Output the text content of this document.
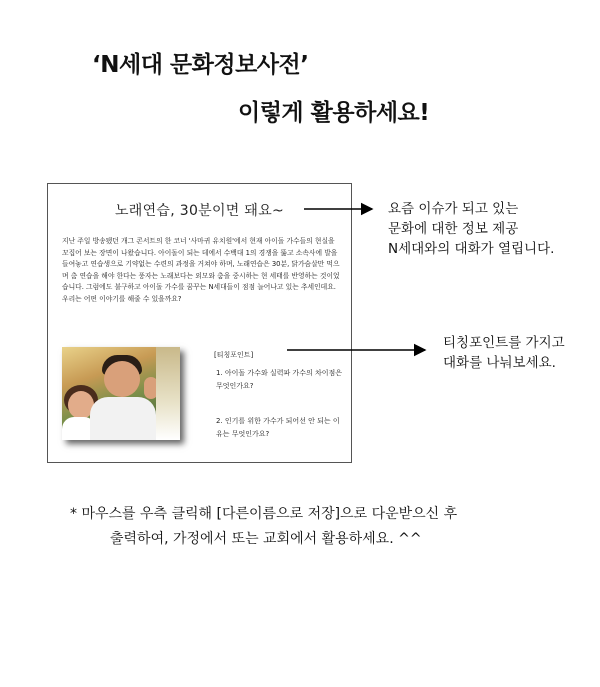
‘N세대 문화정보사전’
이렇게 활용하세요!
노래연습, 30분이면 돼요~
지난 주일 방송됐던 개그 콘서트의 한 코너 '사마귀 유치원'에서 현재 아이돌 가수들의 현실을 꼬집어 보는 장면이 나왔습니다. 아이돌이 되는 데에서 수백대 1의 경쟁을 뚫고 소속사에 발을 들여놓고 연습생으로 기약없는 수련의 과정을 거쳐야 하며, 노래연습은 30분, 닭가슴살만 먹으며 춤 연습을 해야 한다는 풍자는 노래보다는 외모와 춤을 중시하는 현 세태를 반영하는 것이었습니다. 그럼에도 불구하고 아이돌 가수를 꿈꾸는 N세대들이 점점 늘어나고 있는 추세인데요. 우리는 어떤 이야기를 해줄 수 있을까요?
[티칭포인트]
1. 아이돌 가수와 실력파 가수의 차이점은 무엇인가요?
2. 인기를 위한 가수가 되어선 안 되는 이유는 무엇인가요?
요즘 이슈가 되고 있는
문화에 대한 정보 제공
N세대와의 대화가 열립니다.
티칭포인트를 가지고
대화를 나눠보세요.
* 마우스를 우측 클릭해 [다른이름으로 저장]으로 다운받으신 후
출력하여, 가정에서 또는 교회에서 활용하세요. ^^
